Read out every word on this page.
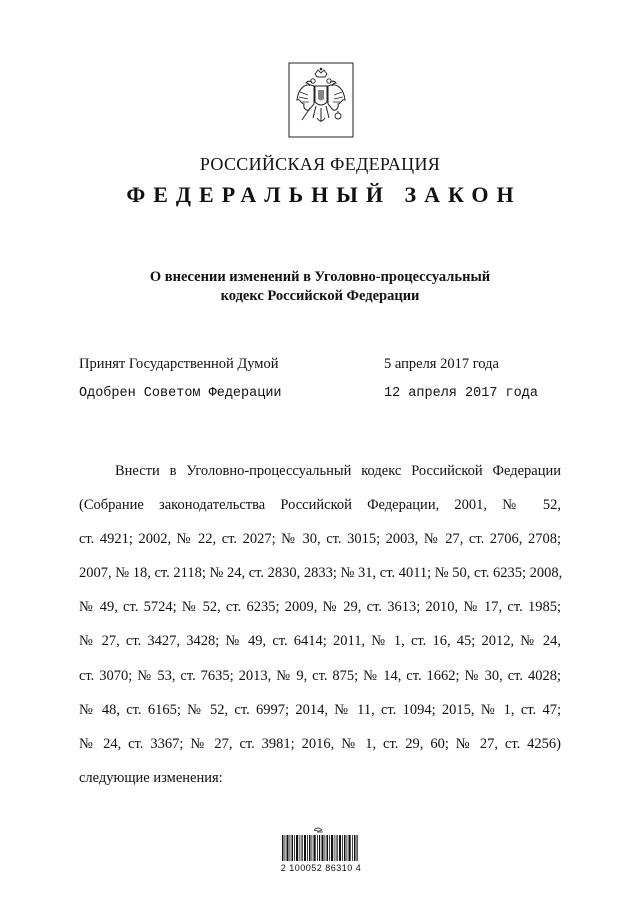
РОССИЙСКАЯ ФЕДЕРАЦИЯ
ФЕДЕРАЛЬНЫЙ ЗАКОН
О внесении изменений в Уголовно-процессуальный
кодекс Российской Федерации
Принят Государственной Думой	5 апреля 2017 года
Одобрен Советом Федерации	12 апреля 2017 года
Внести в Уголовно-процессуальный кодекс Российской Федерации
(Собрание законодательства Российской Федерации, 2001, № 52,
ст. 4921; 2002, № 22, ст. 2027; № 30, ст. 3015; 2003, № 27, ст. 2706, 2708;
2007, № 18, ст. 2118; № 24, ст. 2830, 2833; № 31, ст. 4011; № 50, ст. 6235; 2008,
№ 49, ст. 5724; № 52, ст. 6235; 2009, № 29, ст. 3613; 2010, № 17, ст. 1985;
№ 27, ст. 3427, 3428; № 49, ст. 6414; 2011, № 1, ст. 16, 45; 2012, № 24,
ст. 3070; № 53, ст. 7635; 2013, № 9, ст. 875; № 14, ст. 1662; № 30, ст. 4028;
№ 48, ст. 6165; № 52, ст. 6997; 2014, № 11, ст. 1094; 2015, № 1, ст. 47;
№ 24, ст. 3367; № 27, ст. 3981; 2016, № 1, ст. 29, 60; № 27, ст. 4256)
следующие изменения:
2 100052 86310 4
